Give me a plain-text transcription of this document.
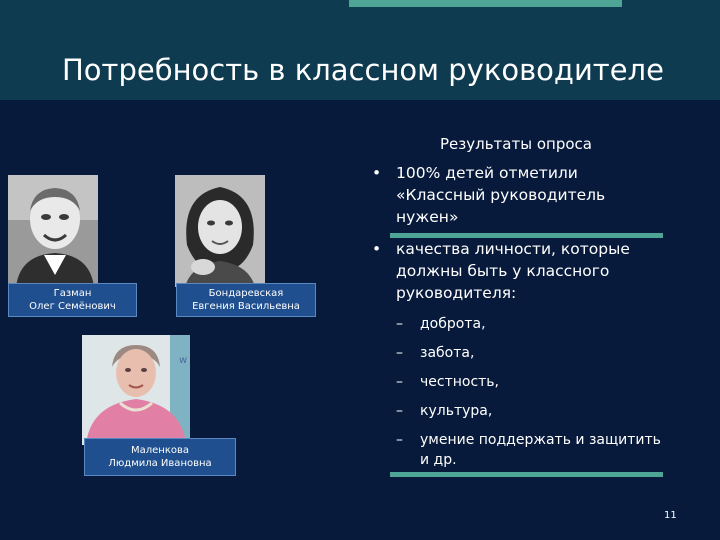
Потребность в классном руководителе
Газман
Олег Семёнович
Бондаревская
Евгения Васильевна
w
Маленкова
Людмила Ивановна
Результаты опроса
• 100% детей отметили «Классный руководитель нужен»
• качества личности, которые должны быть у классного руководителя:
– доброта,
– забота,
– честность,
– культура,
– умение поддержать и защитить и др.
11
